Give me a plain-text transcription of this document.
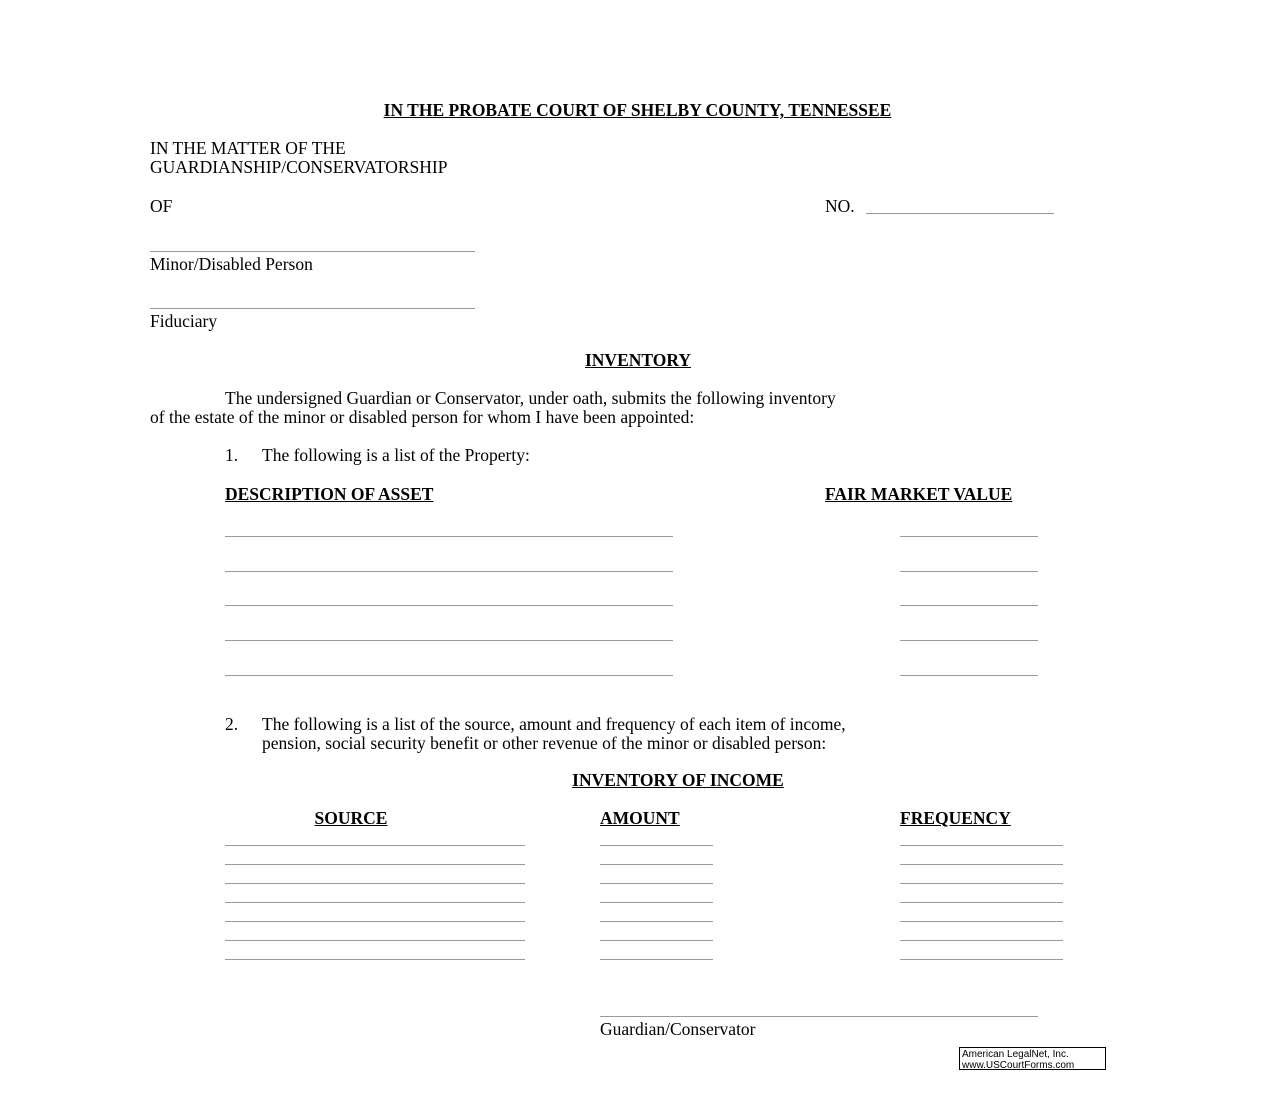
IN THE PROBATE COURT OF SHELBY COUNTY, TENNESSEE
IN THE MATTER OF THE
GUARDIANSHIP/CONSERVATORSHIP
OF	NO.
Minor/Disabled Person
Fiduciary
INVENTORY
The undersigned Guardian or Conservator, under oath, submits the following inventory
of the estate of the minor or disabled person for whom I have been appointed:
1. The following is a list of the Property:
DESCRIPTION OF ASSET	FAIR MARKET VALUE
2. The following is a list of the source, amount and frequency of each item of income,
pension, social security benefit or other revenue of the minor or disabled person:
INVENTORY OF INCOME
SOURCE	AMOUNT	FREQUENCY
Guardian/Conservator
American LegalNet, Inc.
www.USCourtForms.com
